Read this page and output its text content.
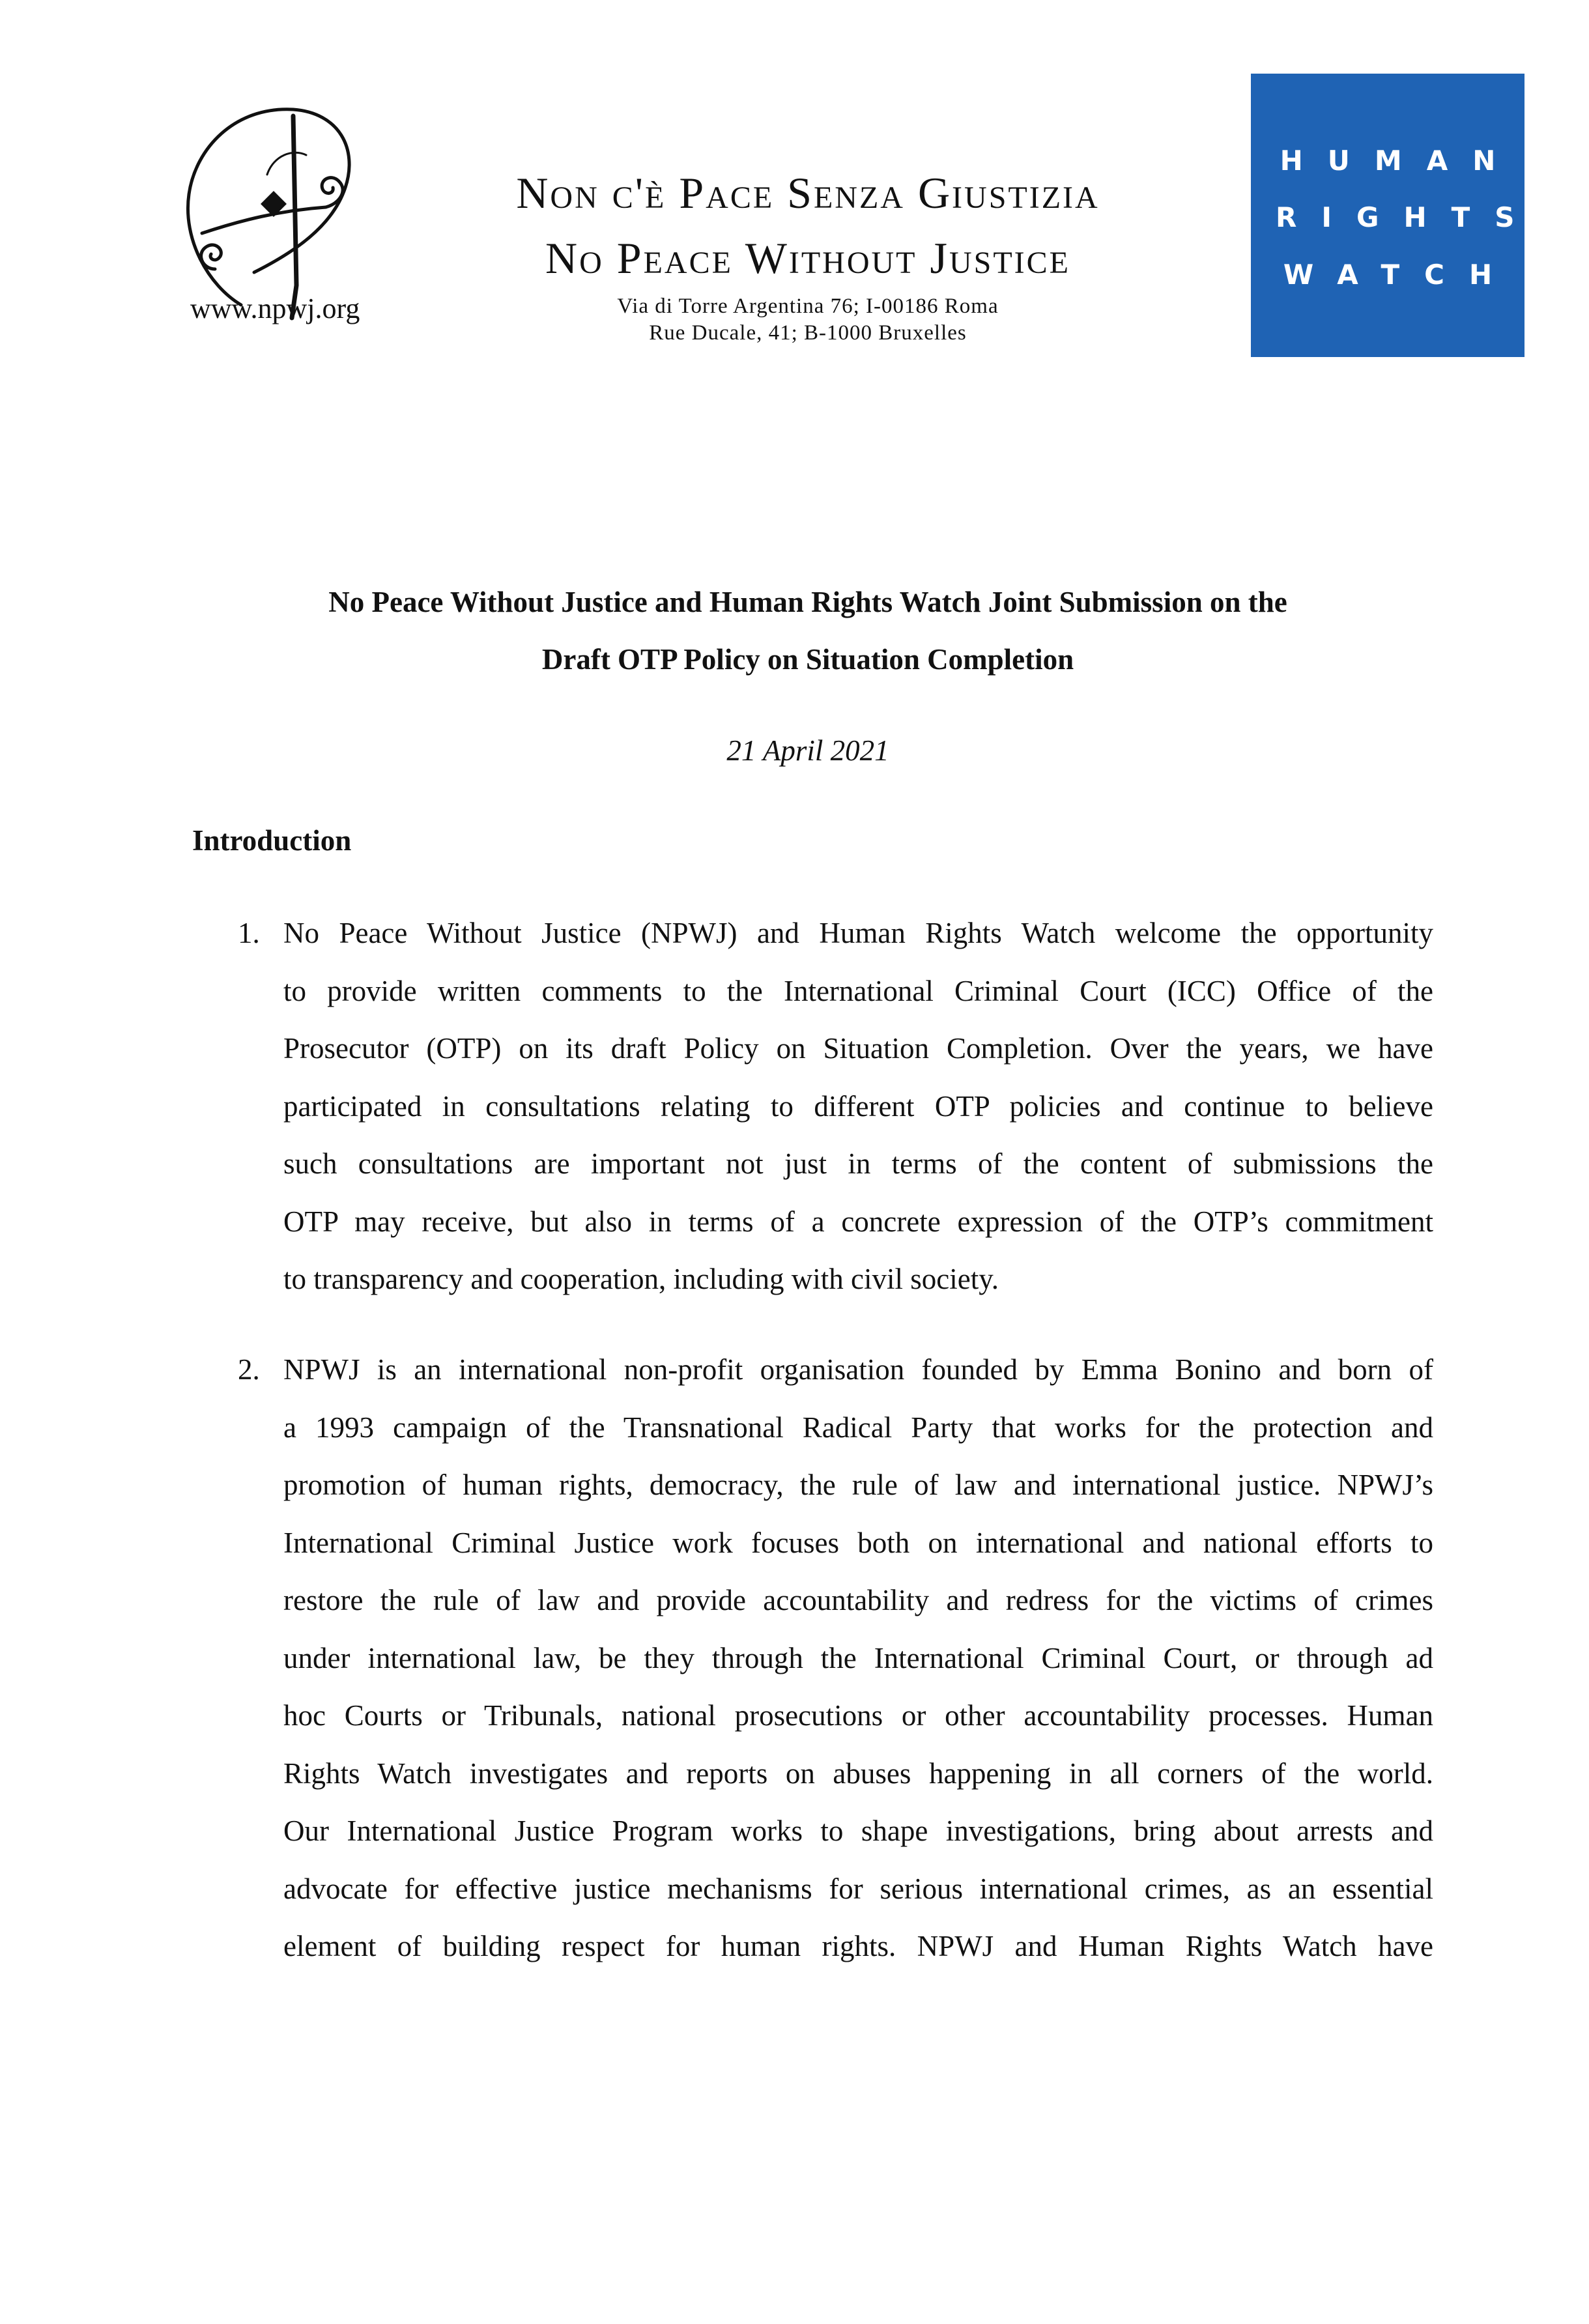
www.npwj.org
Non c'è Pace Senza Giustizia
No Peace Without Justice
Via di Torre Argentina 76; I-00186 Roma
Rue Ducale, 41; B-1000 Bruxelles
HUMAN
RIGHTS
WATCH
No Peace Without Justice and Human Rights Watch Joint Submission on the
Draft OTP Policy on Situation Completion
21 April 2021
Introduction
1. No Peace Without Justice (NPWJ) and Human Rights Watch welcome the opportunity
to provide written comments to the International Criminal Court (ICC) Office of the
Prosecutor (OTP) on its draft Policy on Situation Completion. Over the years, we have
participated in consultations relating to different OTP policies and continue to believe
such consultations are important not just in terms of the content of submissions the
OTP may receive, but also in terms of a concrete expression of the OTP’s commitment
to transparency and cooperation, including with civil society.
2. NPWJ is an international non-profit organisation founded by Emma Bonino and born of
a 1993 campaign of the Transnational Radical Party that works for the protection and
promotion of human rights, democracy, the rule of law and international justice. NPWJ’s
International Criminal Justice work focuses both on international and national efforts to
restore the rule of law and provide accountability and redress for the victims of crimes
under international law, be they through the International Criminal Court, or through ad
hoc Courts or Tribunals, national prosecutions or other accountability processes. Human
Rights Watch investigates and reports on abuses happening in all corners of the world.
Our International Justice Program works to shape investigations, bring about arrests and
advocate for effective justice mechanisms for serious international crimes, as an essential
element of building respect for human rights. NPWJ and Human Rights Watch have
